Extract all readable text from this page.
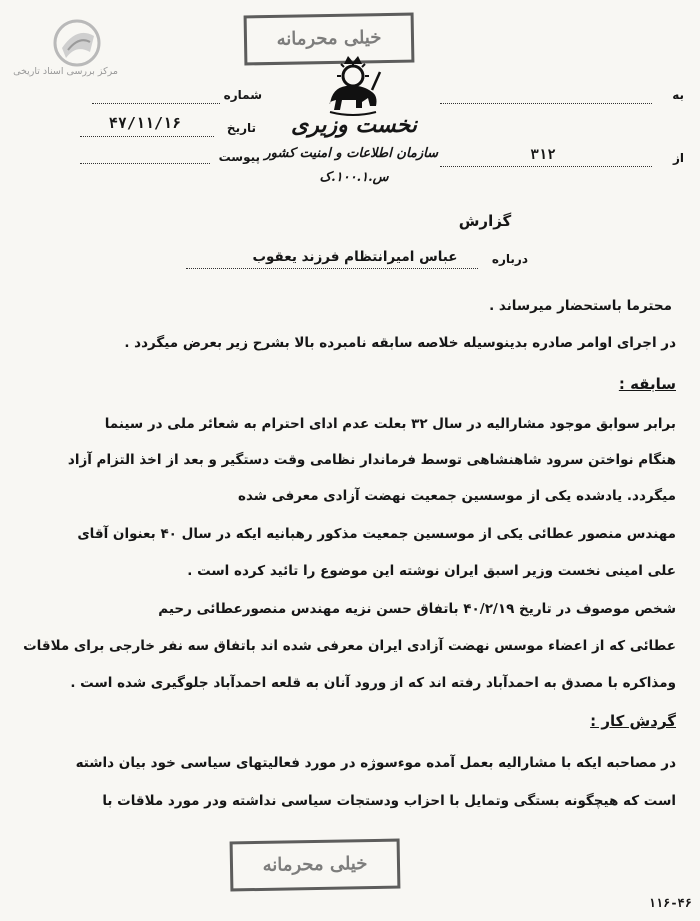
مرکز بررسی اسناد تاریخی
خیلی محرمانه
نخست وزیری
سازمان اطلاعات و امنیت کشور
س.۱۰۰.۱.ک
شماره
تاریخ
۴۷/۱۱/۱۶
پیوست
به
از
۳۱۲
گزارش
درباره
عباس امیرانتظام فرزند یعقوب
محترما باستحضار میرساند .
در اجرای اوامر صادره بدینوسیله خلاصه سابقه نامبرده بالا بشرح زیر بعرض میگردد .
سابقه :
برابر سوابق موجود مشارالیه در سال ۳۲ بعلت عدم ادای احترام به شعائر ملی در سینما
هنگام نواختن سرود شاهنشاهی توسط فرماندار نظامی وقت دستگیر و بعد از اخذ التزام آزاد
میگردد. یادشده یکی از موسسین جمعیت نهضت آزادی معرفی شده
مهندس منصور عطائی یکی از موسسین جمعیت مذکور رهبانیه ایکه در سال ۴۰ بعنوان آقای
علی امینی نخست وزیر اسبق ایران نوشته این موضوع را تائید کرده است .
شخص موصوف در تاریخ ۴۰/۲/۱۹ باتفاق حسن نزیه مهندس منصورعطائی رحیم
عطائی که از اعضاء موسس نهضت آزادی ایران معرفی شده اند باتفاق سه نفر خارجی برای ملاقات
ومذاکره با مصدق به احمدآباد رفته اند که از ورود آنان به قلعه احمدآباد جلوگیری شده است .
گردش کار :
در مصاحبه ایکه با مشارالیه بعمل آمده موءسوژه در مورد فعالیتهای سیاسی خود بیان داشته
است که هیچگونه بستگی وتمایل با احزاب ودستجات سیاسی نداشته ودر مورد ملاقات با
خیلی محرمانه
۱۱۶-۴۶
